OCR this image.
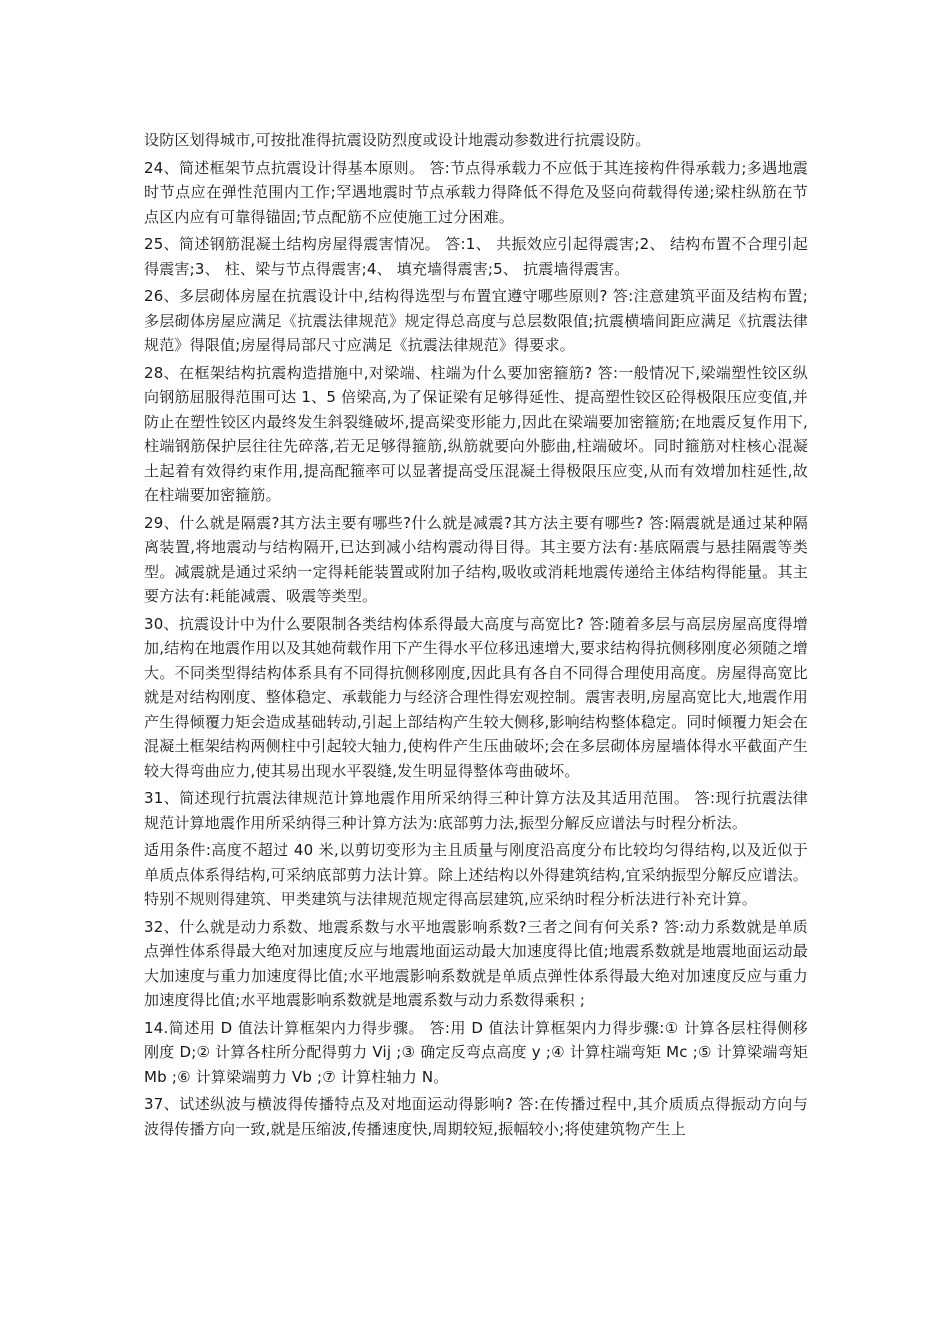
设防区划得城市,可按批准得抗震设防烈度或设计地震动参数进行抗震设防。

24、简述框架节点抗震设计得基本原则。 答:节点得承载力不应低于其连接构件得承载力;多遇地震时节点应在弹性范围内工作;罕遇地震时节点承载力得降低不得危及竖向荷载得传递;梁柱纵筋在节点区内应有可靠得锚固;节点配筋不应使施工过分困难。

25、简述钢筋混凝土结构房屋得震害情况。 答:1、 共振效应引起得震害;2、 结构布置不合理引起得震害;3、 柱、梁与节点得震害;4、 填充墙得震害;5、 抗震墙得震害。

26、多层砌体房屋在抗震设计中,结构得选型与布置宜遵守哪些原则? 答:注意建筑平面及结构布置;多层砌体房屋应满足《抗震法律规范》规定得总高度与总层数限值;抗震横墙间距应满足《抗震法律规范》得限值;房屋得局部尺寸应满足《抗震法律规范》得要求。

28、在框架结构抗震构造措施中,对梁端、柱端为什么要加密箍筋? 答:一般情况下,梁端塑性铰区纵向钢筋屈服得范围可达 1、5 倍梁高,为了保证梁有足够得延性、提高塑性铰区砼得极限压应变值,并防止在塑性铰区内最终发生斜裂缝破坏,提高梁变形能力,因此在梁端要加密箍筋;在地震反复作用下,柱端钢筋保护层往往先碎落,若无足够得箍筋,纵筋就要向外膨曲,柱端破坏。同时箍筋对柱核心混凝土起着有效得约束作用,提高配箍率可以显著提高受压混凝土得极限压应变,从而有效增加柱延性,故在柱端要加密箍筋。

29、什么就是隔震?其方法主要有哪些?什么就是减震?其方法主要有哪些? 答:隔震就是通过某种隔离装置,将地震动与结构隔开,已达到减小结构震动得目得。其主要方法有:基底隔震与悬挂隔震等类型。减震就是通过采纳一定得耗能装置或附加子结构,吸收或消耗地震传递给主体结构得能量。其主要方法有:耗能减震、吸震等类型。

30、抗震设计中为什么要限制各类结构体系得最大高度与高宽比? 答:随着多层与高层房屋高度得增加,结构在地震作用以及其她荷载作用下产生得水平位移迅速增大,要求结构得抗侧移刚度必须随之增大。不同类型得结构体系具有不同得抗侧移刚度,因此具有各自不同得合理使用高度。房屋得高宽比就是对结构刚度、整体稳定、承载能力与经济合理性得宏观控制。震害表明,房屋高宽比大,地震作用产生得倾覆力矩会造成基础转动,引起上部结构产生较大侧移,影响结构整体稳定。同时倾覆力矩会在混凝土框架结构两侧柱中引起较大轴力,使构件产生压曲破坏;会在多层砌体房屋墙体得水平截面产生较大得弯曲应力,使其易出现水平裂缝,发生明显得整体弯曲破坏。

31、简述现行抗震法律规范计算地震作用所采纳得三种计算方法及其适用范围。 答:现行抗震法律规范计算地震作用所采纳得三种计算方法为:底部剪力法,振型分解反应谱法与时程分析法。

适用条件:高度不超过 40 米,以剪切变形为主且质量与刚度沿高度分布比较均匀得结构,以及近似于单质点体系得结构,可采纳底部剪力法计算。除上述结构以外得建筑结构,宜采纳振型分解反应谱法。特别不规则得建筑、甲类建筑与法律规范规定得高层建筑,应采纳时程分析法进行补充计算。

32、什么就是动力系数、地震系数与水平地震影响系数?三者之间有何关系? 答:动力系数就是单质点弹性体系得最大绝对加速度反应与地震地面运动最大加速度得比值;地震系数就是地震地面运动最大加速度与重力加速度得比值;水平地震影响系数就是单质点弹性体系得最大绝对加速度反应与重力加速度得比值;水平地震影响系数就是地震系数与动力系数得乘积 ;

14.简述用 D 值法计算框架内力得步骤。 答:用 D 值法计算框架内力得步骤:① 计算各层柱得侧移刚度 D;② 计算各柱所分配得剪力 Vij ;③ 确定反弯点高度 y ;④ 计算柱端弯矩 Mc ;⑤ 计算梁端弯矩 Mb ;⑥ 计算梁端剪力 Vb ;⑦ 计算柱轴力 N。

37、试述纵波与横波得传播特点及对地面运动得影响? 答:在传播过程中,其介质质点得振动方向与波得传播方向一致,就是压缩波,传播速度快,周期较短,振幅较小;将使建筑物产生上
